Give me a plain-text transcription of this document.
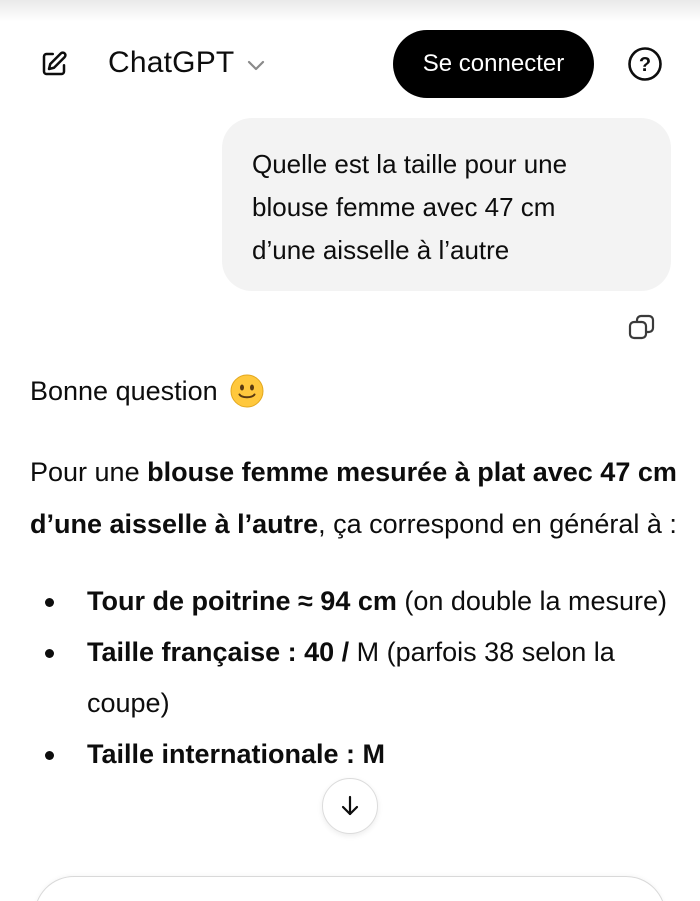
ChatGPT	Se connecter	?
Quelle est la taille pour une
blouse femme avec 47 cm
d’une aisselle à l’autre
Bonne question

Pour une blouse femme mesurée à plat avec 47 cm d’une aisselle à l’autre, ça correspond en général à :

Tour de poitrine ≈ 94 cm (on double la mesure)
Taille française : 40 / M (parfois 38 selon la coupe)
Taille internationale : M
